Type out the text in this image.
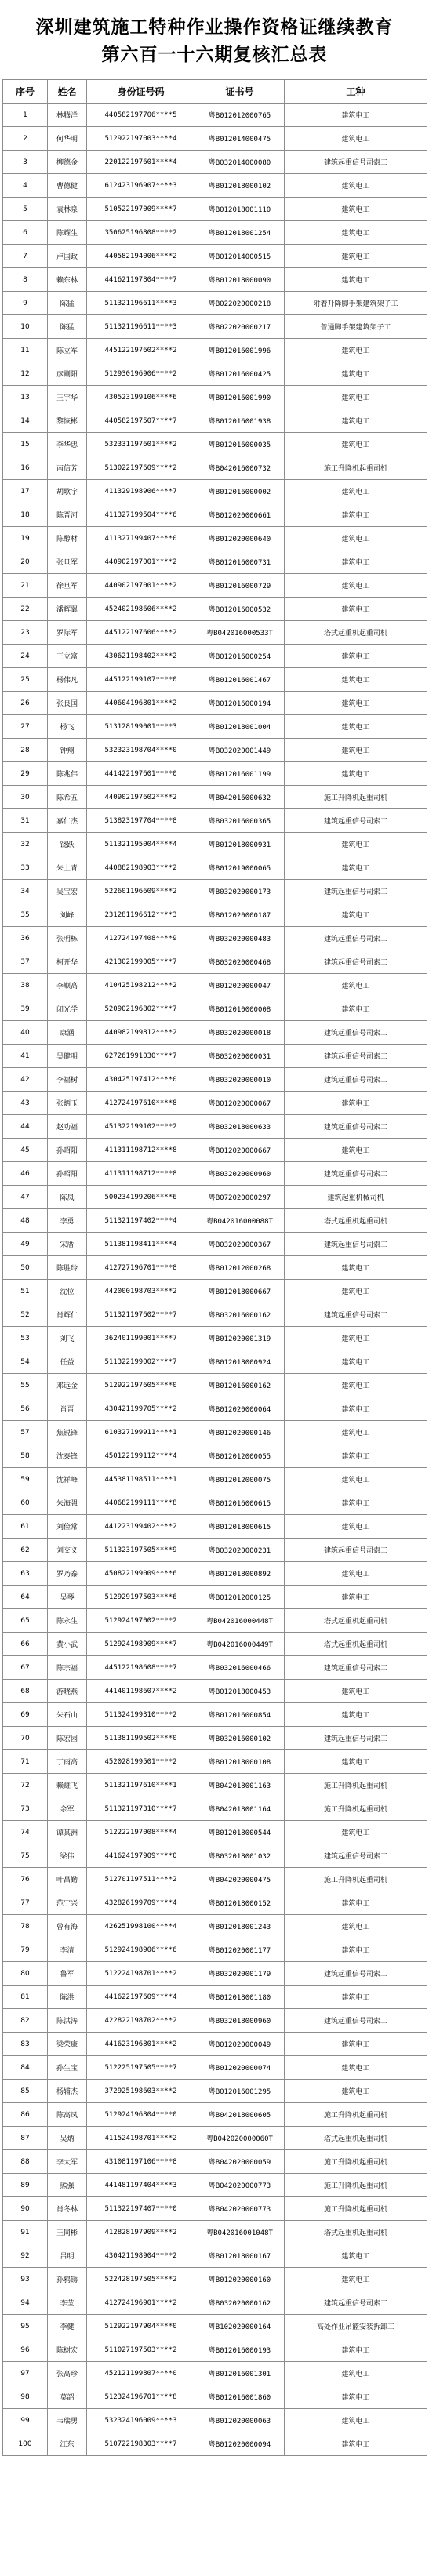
深圳建筑施工特种作业操作资格证继续教育

第六百一十六期复核汇总表

序号	姓名	身份证号码	证书号	工种
1	林腾洋	440582197706****5	粤B012012000765	建筑电工
2	何华明	512922197003****4	粤B012014000475	建筑电工
3	柳德金	220122197601****4	粤B032014000080	建筑起重信号司索工
4	曹德健	612423196907****3	粤B012018000102	建筑电工
5	袁林泉	510522197009****7	粤B012018001110	建筑电工
6	陈耀生	350625196808****2	粤B012018001254	建筑电工
7	卢国政	440582194006****2	粤B012014000515	建筑电工
8	赖东林	441621197804****7	粤B012018000090	建筑电工
9	陈猛	511321196611****3	粤B022020000218	附着升降脚手架建筑架子工
10	陈猛	511321196611****3	粤B022020000217	普通脚手架建筑架子工
11	陈立军	445122197602****2	粤B012016001996	建筑电工
12	彦剛阳	512930196906****2	粤B012016000425	建筑电工
13	王宇华	430523199106****6	粤B012016001990	建筑电工
14	黎恢彬	440582197507****7	粤B012016001938	建筑电工
15	李华忠	532331197601****2	粤B012016000035	建筑电工
16	南信芳	513022197609****2	粤B042016000732	施工升降机起重司机
17	胡歌宇	411329198906****7	粤B012016000002	建筑电工
18	陈晋河	411327199504****6	粤B012020000661	建筑电工
19	陈醇材	411327199407****0	粤B012020000640	建筑电工
20	张旦军	440902197001****2	粤B012016000731	建筑电工
21	徐旦军	440902197001****2	粤B012016000729	建筑电工
22	潘辉翼	452402198606****2	粤B012016000532	建筑电工
23	罗际军	445122197606****2	粤B042016000533T	塔式起重机起重司机
24	王立富	430621198402****2	粤B012016000254	建筑电工
25	杨伟凡	445122199107****0	粤B012016001467	建筑电工
26	张良国	440604196801****2	粤B012016000194	建筑电工
27	杨飞	513128199001****3	粤B012018001004	建筑电工
28	钟翔	532323198704****0	粤B032020001449	建筑电工
29	陈兆伟	441422197601****0	粤B012016001199	建筑电工
30	陈希五	440902197602****2	粤B042016000632	施工升降机起重司机
31	嘉仁杰	513823197704****8	粤B032016000365	建筑起重信号司索工
32	饶跃	511321195004****4	粤B012018000931	建筑电工
33	朱上青	440882198903****2	粤B012019000065	建筑电工
34	吴宝宏	522601196609****2	粤B032020000173	建筑起重信号司索工
35	刘峰	231281196612****3	粤B012020000187	建筑电工
36	张明栋	412724197408****9	粤B032020000483	建筑起重信号司索工
37	柯开华	421302199005****7	粤B032020000468	建筑起重信号司索工
38	李顺高	410425198212****2	粤B012020000047	建筑电工
39	闭光学	520902196802****7	粤B012010000008	建筑电工
40	康涵	440982199812****2	粤B032020000018	建筑起重信号司索工
41	吴健明	627261991030****7	粤B032020000031	建筑起重信号司索工
42	李福树	430425197412****0	粤B032020000010	建筑起重信号司索工
43	张炳玉	412724197610****8	粤B012020000067	建筑电工
44	赵功福	451322199102****2	粤B032018000633	建筑起重信号司索工
45	孙昭阳	411311198712****8	粤B012020000667	建筑电工
46	孙昭阳	411311198712****8	粤B032020000960	建筑起重信号司索工
47	陈凤	500234199206****6	粤B072020000297	建筑起重机械司机
48	李勇	511321197402****4	粤B042016000088T	塔式起重机起重司机
49	宋厝	511381198411****4	粤B032020000367	建筑起重信号司索工
50	陈胜玲	412727196701****8	粤B012012000268	建筑电工
51	沈位	442000198703****2	粤B012018000667	建筑电工
52	肖辉仁	511321197602****7	粤B032016000162	建筑起重信号司索工
53	刘飞	362401199001****7	粤B012020001319	建筑电工
54	任益	511322199002****7	粤B012018000924	建筑电工
55	邓远金	512922197605****0	粤B012016000162	建筑电工
56	肖晋	430421199705****2	粤B012020000064	建筑电工
57	焦锐锋	610327199911****1	粤B012020000146	建筑电工
58	沈泰锋	450122199112****4	粤B012012000055	建筑电工
59	沈祥峰	445381198511****1	粤B012012000075	建筑电工
60	朱海强	440682199111****8	粤B012016000615	建筑电工
61	刘俭常	441223199402****2	粤B012018000615	建筑电工
62	刘交义	511323197505****9	粤B032020000231	建筑起重信号司索工
63	罗乃泰	450822199009****6	粤B012018000892	建筑电工
64	吴琴	512929197503****6	粤B012012000125	建筑电工
65	陈永生	512924197002****2	粤B042016000448T	塔式起重机起重司机
66	黄小武	512924198909****7	粤B042016000449T	塔式起重机起重司机
67	陈宗福	445122198608****7	粤B032016000466	建筑起重信号司索工
68	游晓燕	441401198607****2	粤B012018000453	建筑电工
69	朱石山	511324199310****2	粤B012016000854	建筑电工
70	陈宏园	511381199502****0	粤B032016000102	建筑起重信号司索工
71	丁雨高	452028199501****2	粤B012018000108	建筑电工
72	赖雄飞	511321197610****1	粤B042018001163	施工升降机起重司机
73	余军	511321197310****7	粤B042018001164	施工升降机起重司机
74	谭其洲	512222197008****4	粤B012018000544	建筑电工
75	梁伟	441624197909****0	粤B032018001032	建筑起重信号司索工
76	叶昌勤	512701197511****2	粤B042020000475	施工升降机起重司机
77	范宁兴	432826199709****4	粤B012018000152	建筑电工
78	曾有海	426251998100****4	粤B012018001243	建筑电工
79	李清	512924198906****6	粤B012020001177	建筑电工
80	鲁军	512224198701****2	粤B032020001179	建筑起重信号司索工
81	陈洪	441622197609****4	粤B012018001180	建筑电工
82	陈洪涛	422822198702****2	粤B032018000960	建筑起重信号司索工
83	梁荣康	441623196801****2	粤B012020000049	建筑电工
84	孙生宝	512225197505****7	粤B012020000074	建筑电工
85	杨辅杰	372925198603****2	粤B012016001295	建筑电工
86	陈高凤	512924196804****0	粤B042018000605	施工升降机起重司机
87	吴炳	411524198701****2	粤B042020000060T	塔式起重机起重司机
88	李大军	431081197106****8	粤B042020000059	施工升降机起重司机
89	熊强	441481197404****3	粤B042020000773	施工升降机起重司机
90	肖冬林	511322197407****0	粤B042020000773	施工升降机起重司机
91	王同彬	412828197909****2	粤B042016001048T	塔式起重机起重司机
92	吕明	430421198904****2	粤B012018000167	建筑电工
93	孙鸦锈	522428197505****2	粤B012020000160	建筑电工
94	李莹	412724196901****2	粤B032020000162	建筑起重信号司索工
95	李健	512922197904****0	粤B102020000164	高处作业吊篮安装拆卸工
96	陈树宏	511027197503****2	粤B012016000193	建筑电工
97	张高珍	452121199807****0	粤B012016001301	建筑电工
98	莫韶	512324196701****8	粤B012016001860	建筑电工
99	韦瑞勇	532324196009****3	粤B012020000063	建筑电工
100	江东	510722198303****7	粤B012020000094	建筑电工
